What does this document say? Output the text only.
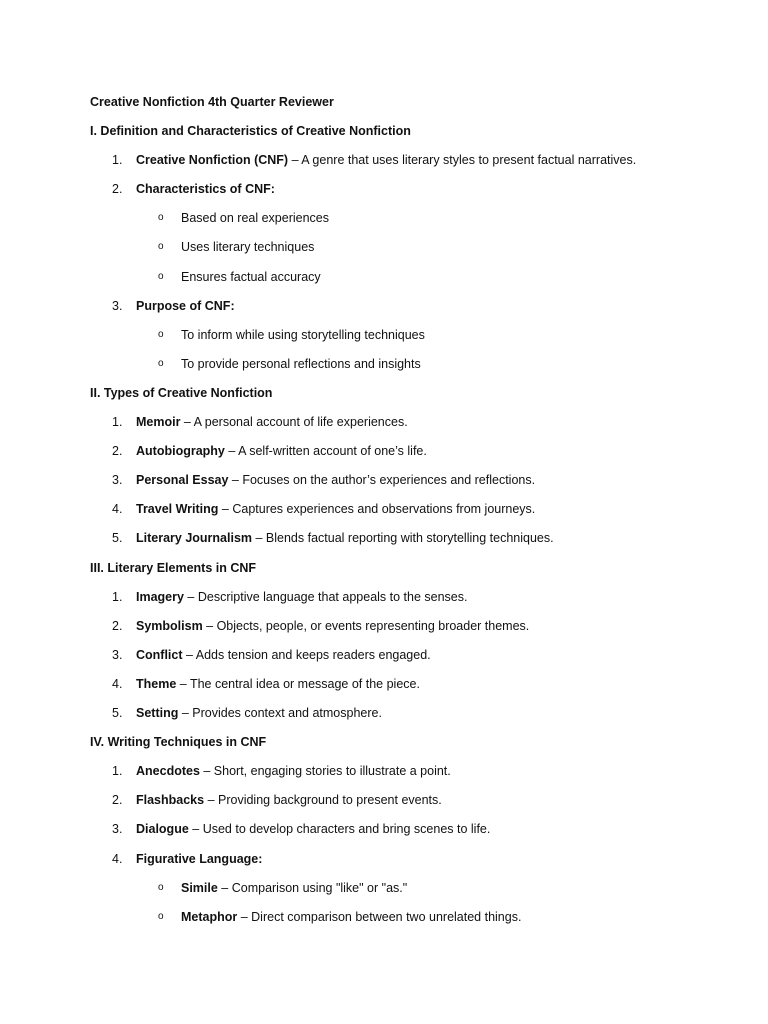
Creative Nonfiction 4th Quarter Reviewer
I. Definition and Characteristics of Creative Nonfiction
1. Creative Nonfiction (CNF) – A genre that uses literary styles to present factual narratives.
2. Characteristics of CNF:
o Based on real experiences
o Uses literary techniques
o Ensures factual accuracy
3. Purpose of CNF:
o To inform while using storytelling techniques
o To provide personal reflections and insights
II. Types of Creative Nonfiction
1. Memoir – A personal account of life experiences.
2. Autobiography – A self-written account of one’s life.
3. Personal Essay – Focuses on the author’s experiences and reflections.
4. Travel Writing – Captures experiences and observations from journeys.
5. Literary Journalism – Blends factual reporting with storytelling techniques.
III. Literary Elements in CNF
1. Imagery – Descriptive language that appeals to the senses.
2. Symbolism – Objects, people, or events representing broader themes.
3. Conflict – Adds tension and keeps readers engaged.
4. Theme – The central idea or message of the piece.
5. Setting – Provides context and atmosphere.
IV. Writing Techniques in CNF
1. Anecdotes – Short, engaging stories to illustrate a point.
2. Flashbacks – Providing background to present events.
3. Dialogue – Used to develop characters and bring scenes to life.
4. Figurative Language:
o Simile – Comparison using "like" or "as."
o Metaphor – Direct comparison between two unrelated things.
